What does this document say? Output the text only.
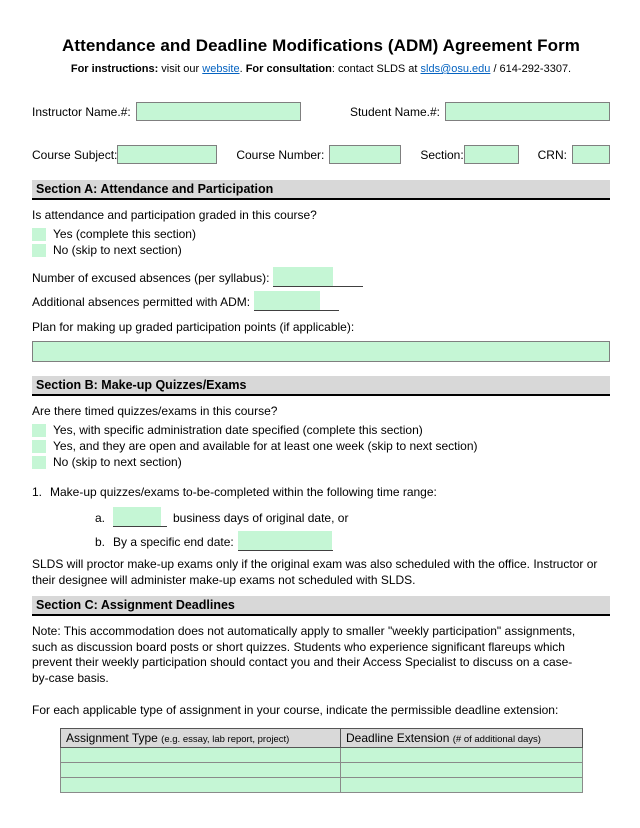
Attendance and Deadline Modifications (ADM) Agreement Form
For instructions: visit our website. For consultation: contact SLDS at slds@osu.edu / 614-292-3307.
Instructor Name.#:	Student Name.#:
Course Subject:	Course Number:	Section:	CRN:
Section A: Attendance and Participation
Is attendance and participation graded in this course?
Yes (complete this section)
No (skip to next section)
Number of excused absences (per syllabus):
Additional absences permitted with ADM:
Plan for making up graded participation points (if applicable):
Section B: Make-up Quizzes/Exams
Are there timed quizzes/exams in this course?
Yes, with specific administration date specified (complete this section)
Yes, and they are open and available for at least one week (skip to next section)
No (skip to next section)
1. Make-up quizzes/exams to-be-completed within the following time range:
a.	business days of original date, or
b. By a specific end date:
SLDS will proctor make-up exams only if the original exam was also scheduled with the office. Instructor or their designee will administer make-up exams not scheduled with SLDS.
Section C: Assignment Deadlines
Note: This accommodation does not automatically apply to smaller "weekly participation" assignments, such as discussion board posts or short quizzes. Students who experience significant flareups which prevent their weekly participation should contact you and their Access Specialist to discuss on a case-by-case basis.
For each applicable type of assignment in your course, indicate the permissible deadline extension:
Assignment Type (e.g. essay, lab report, project)	Deadline Extension (# of additional days)
